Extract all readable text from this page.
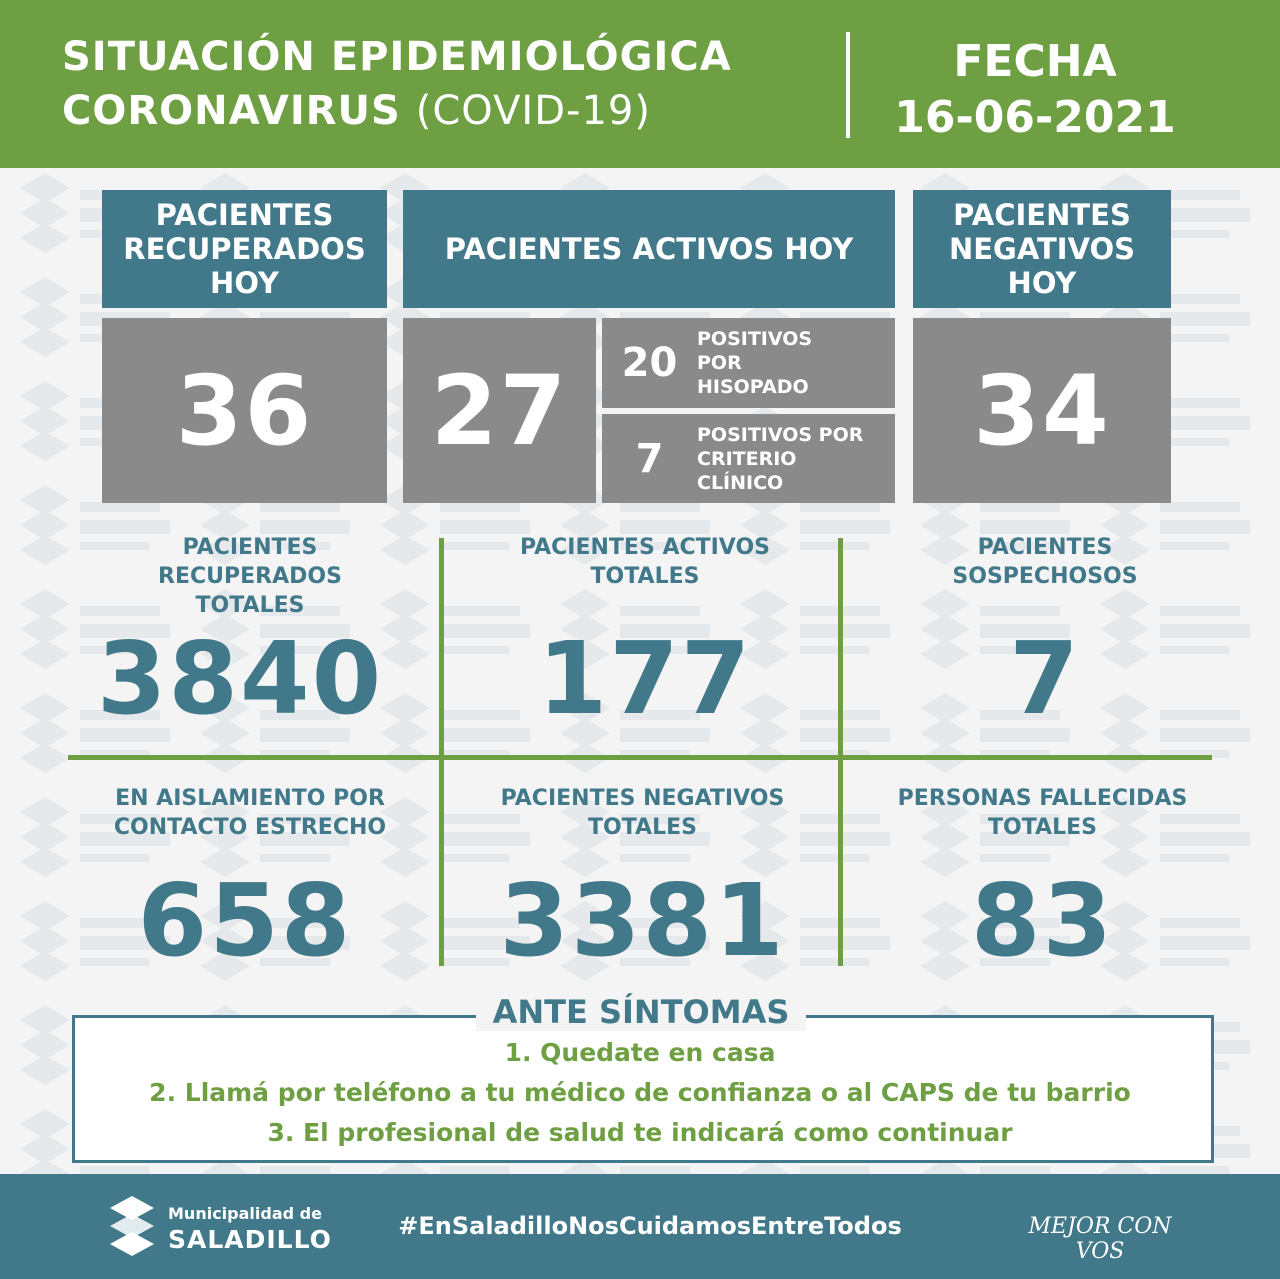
SITUACIÓN EPIDEMIOLÓGICA
CORONAVIRUS (COVID-19)
FECHA
16-06-2021
PACIENTES RECUPERADOS HOY
36
PACIENTES ACTIVOS HOY
27	20
POSITIVOS POR HISOPADO
7
POSITIVOS POR CRITERIO CLÍNICO
PACIENTES NEGATIVOS HOY
34
PACIENTES RECUPERADOS TOTALES
3840
PACIENTES ACTIVOS TOTALES
177
PACIENTES SOSPECHOSOS
7
EN AISLAMIENTO POR CONTACTO ESTRECHO
658
PACIENTES NEGATIVOS TOTALES
3381
PERSONAS FALLECIDAS TOTALES
83
ANTE SÍNTOMAS
1. Quedate en casa
2. Llamá por teléfono a tu médico de confianza o al CAPS de tu barrio
3. El profesional de salud te indicará como continuar
Municipalidad de
SALADILLO	#EnSaladilloNosCuidamosEntreTodos	MEJOR CON VOS
